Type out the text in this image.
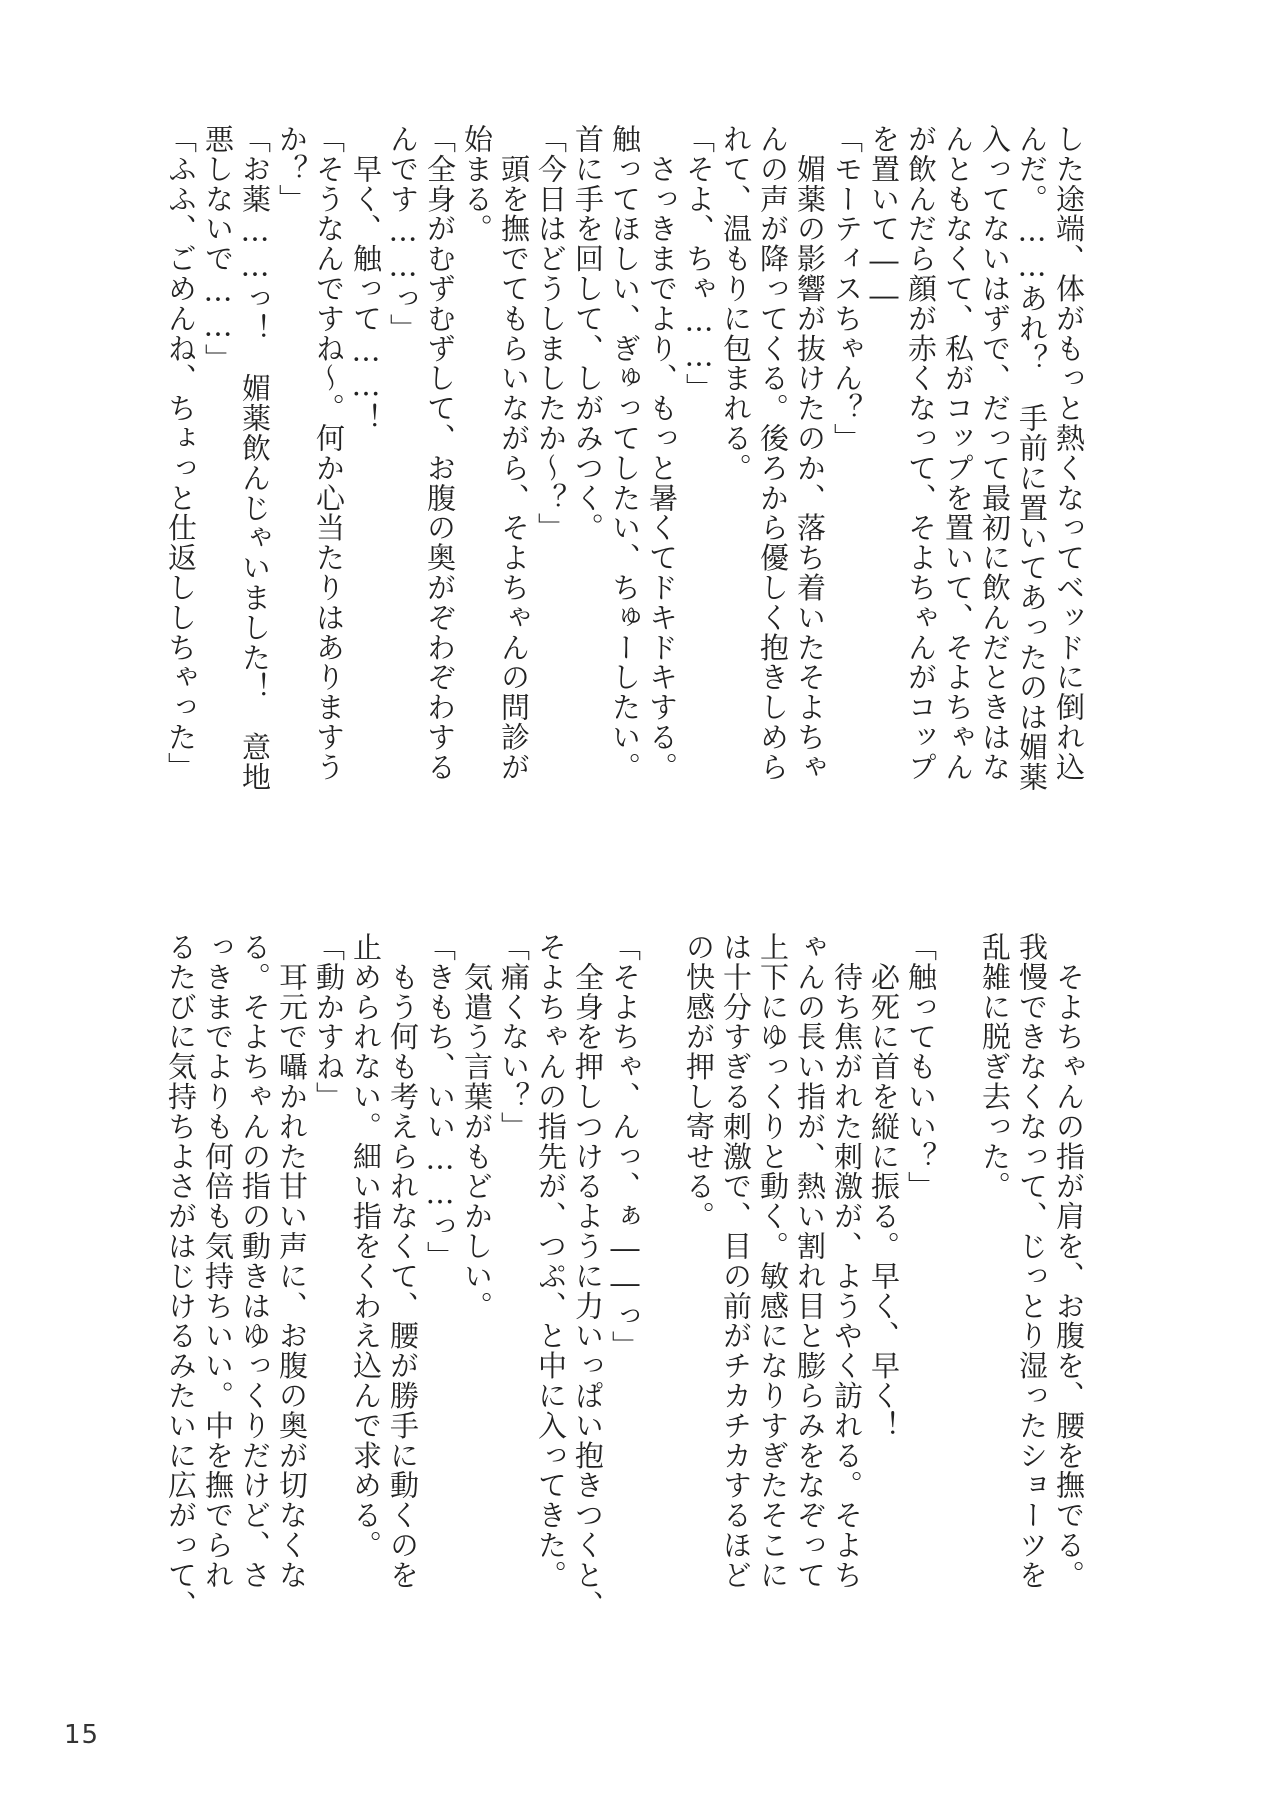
した途端、体がもっと熱くなってベッドに倒れ込
んだ。……あれ？　手前に置いてあったのは媚薬
入ってないはずで、だって最初に飲んだときはな
んともなくて、私がコップを置いて、そよちゃん
が飲んだら顔が赤くなって、そよちゃんがコップ
を置いて――
「モーティスちゃん？」
　媚薬の影響が抜けたのか、落ち着いたそよちゃ
んの声が降ってくる。後ろから優しく抱きしめら
れて、温もりに包まれる。
「そよ、ちゃ……」
　さっきまでより、もっと暑くてドキドキする。
触ってほしい、ぎゅってしたい、ちゅーしたい。
首に手を回して、しがみつく。
「今日はどうしましたか～？」
　頭を撫でてもらいながら、そよちゃんの問診が
始まる。
「全身がむずむずして、お腹の奥がぞわぞわする
んです……っ」
　早く、触って……！
「そうなんですね～。何か心当たりはありますう
か？」
「お薬……っ！　媚薬飲んじゃいました！　意地
悪しないで……」
「ふふ、ごめんね、ちょっと仕返ししちゃった」
　そよちゃんの指が肩を、お腹を、腰を撫でる。
我慢できなくなって、じっとり湿ったショーツを
乱雑に脱ぎ去った。
「触ってもいい？」
　必死に首を縦に振る。早く、早く！
　待ち焦がれた刺激が、ようやく訪れる。そよち
ゃんの長い指が、熱い割れ目と膨らみをなぞって
上下にゆっくりと動く。敏感になりすぎたそこに
は十分すぎる刺激で、目の前がチカチカするほど
の快感が押し寄せる。
「そよちゃ、んっ、ぁ――っ」
　全身を押しつけるように力いっぱい抱きつくと、
そよちゃんの指先が、つぷ、と中に入ってきた。
「痛くない？」
　気遣う言葉がもどかしい。
「きもち、いい……っ」
　もう何も考えられなくて、腰が勝手に動くのを
止められない。細い指をくわえ込んで求める。
「動かすね」
　耳元で囁かれた甘い声に、お腹の奥が切なくな
る。そよちゃんの指の動きはゆっくりだけど、さ
っきまでよりも何倍も気持ちいい。中を撫でられ
るたびに気持ちよさがはじけるみたいに広がって、
15
